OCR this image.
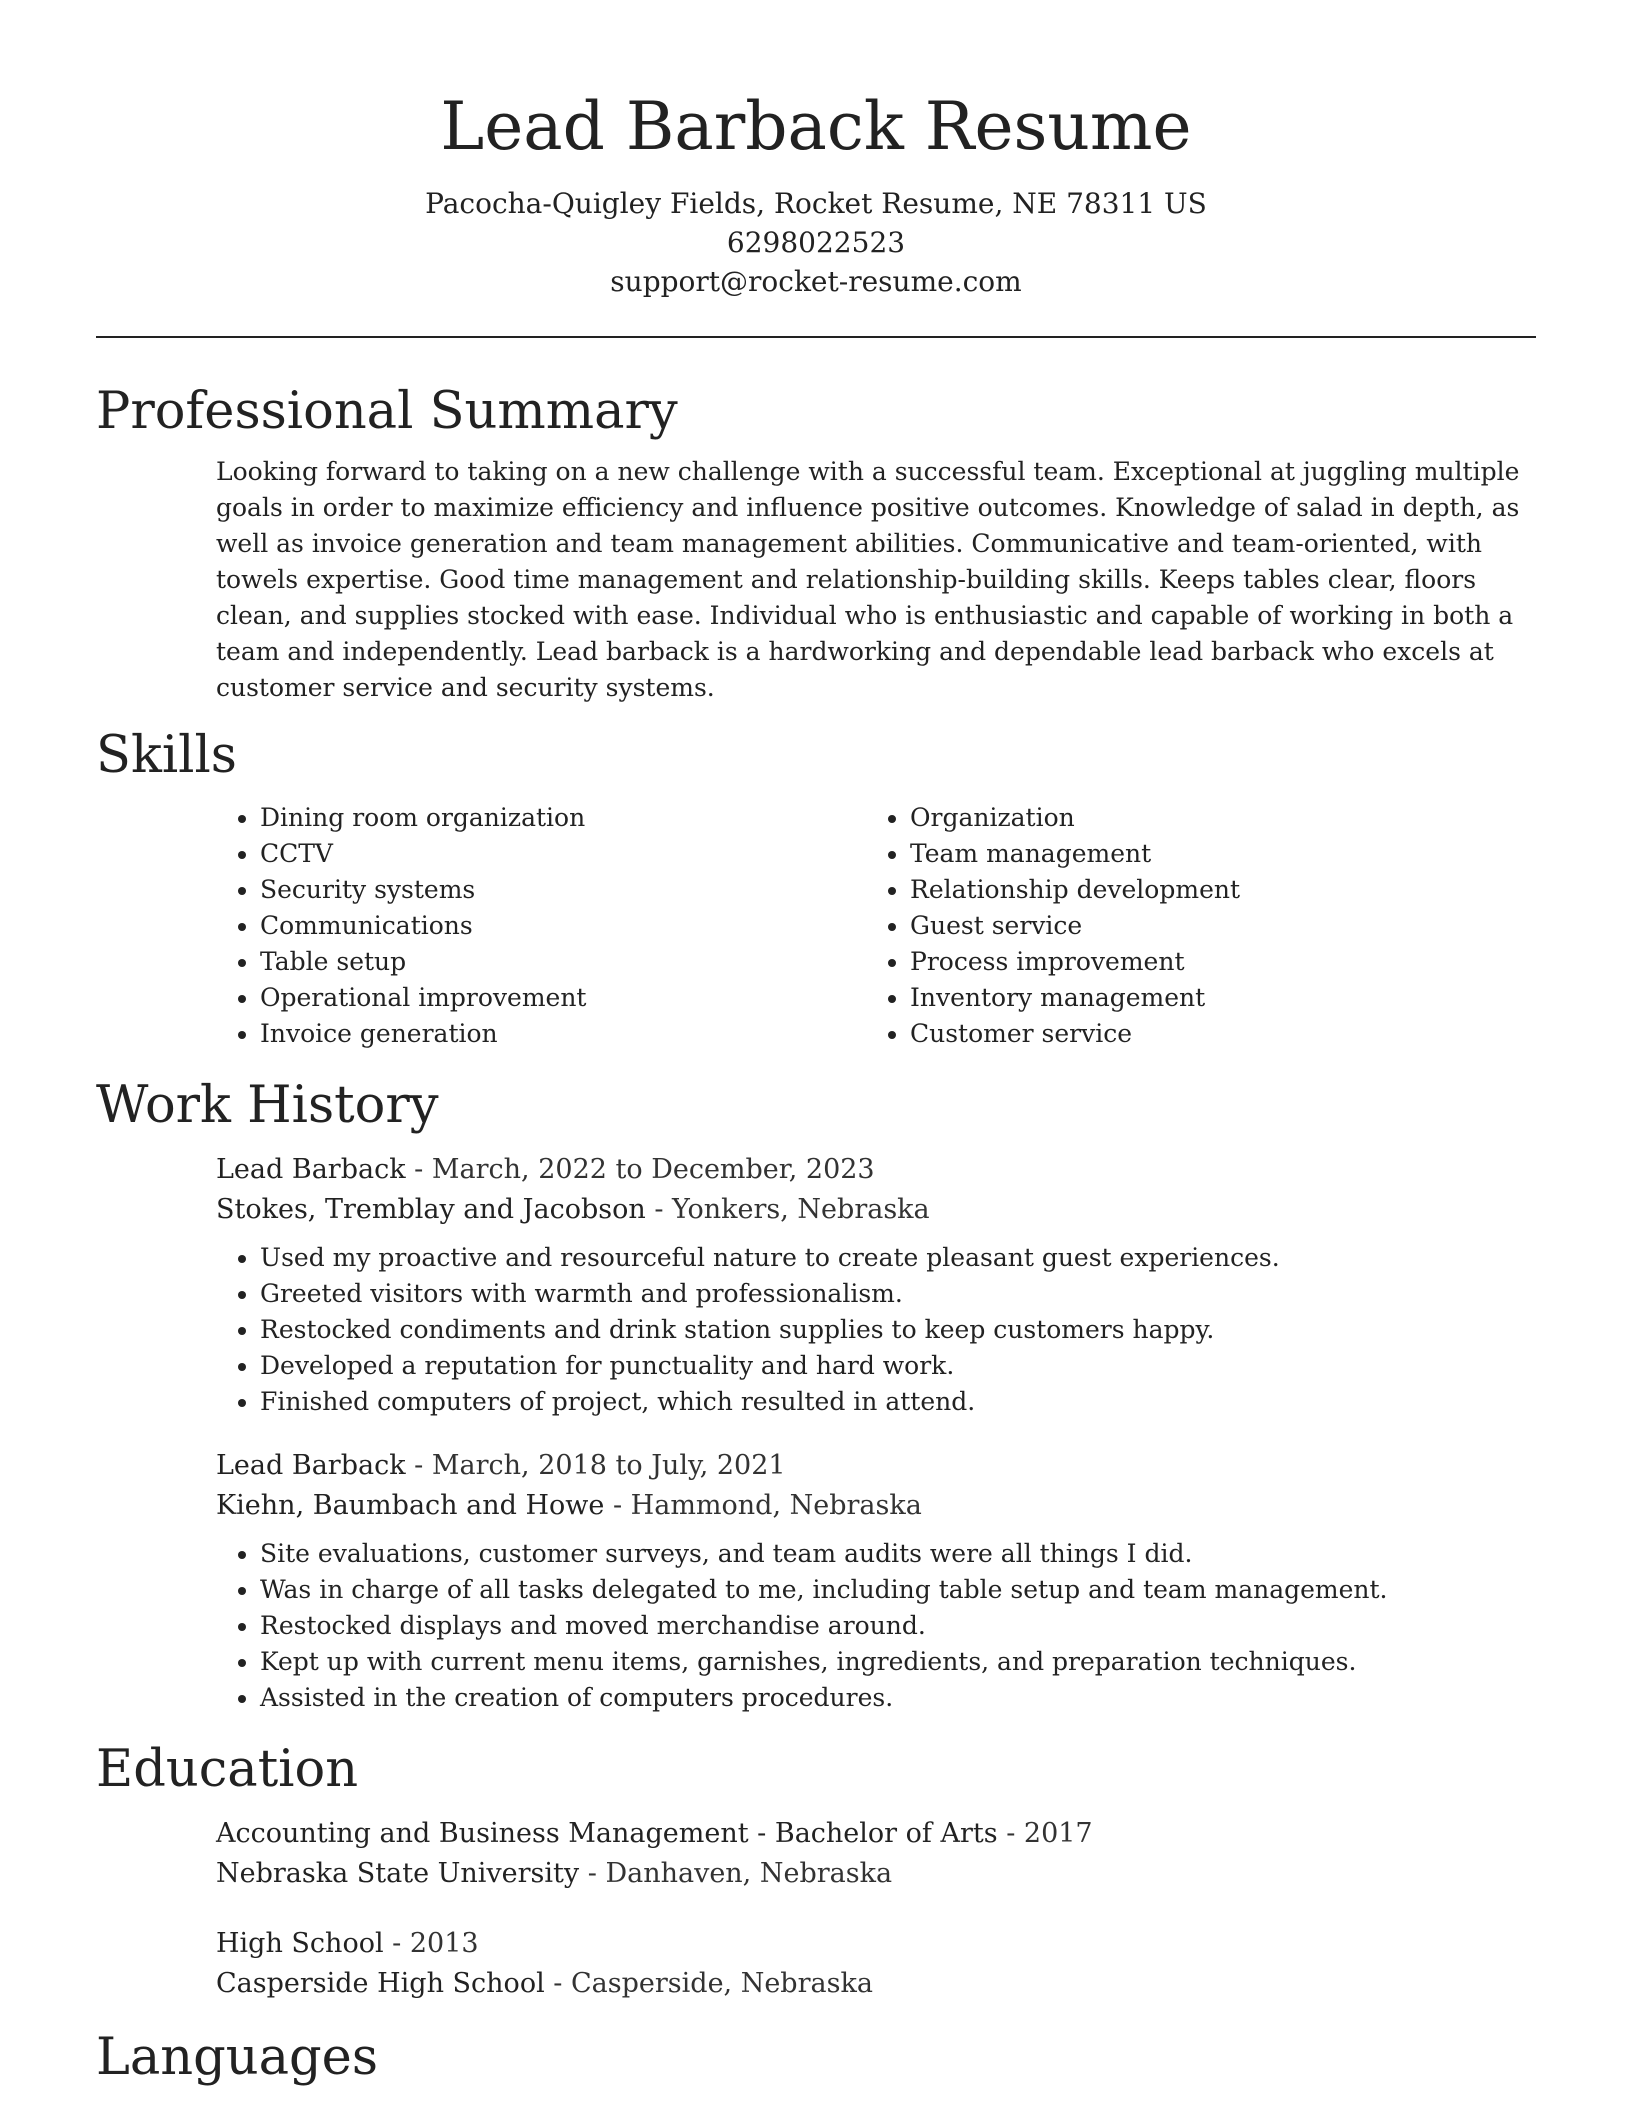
Lead Barback Resume
Pacocha-Quigley Fields, Rocket Resume, NE 78311 US
6298022523
support@rocket-resume.com
Professional Summary

Looking forward to taking on a new challenge with a successful team. Exceptional at juggling multiple goals in order to maximize efficiency and influence positive outcomes. Knowledge of salad in depth, as well as invoice generation and team management abilities. Communicative and team-oriented, with towels expertise. Good time management and relationship-building skills. Keeps tables clear, floors clean, and supplies stocked with ease. Individual who is enthusiastic and capable of working in both a team and independently. Lead barback is a hardworking and dependable lead barback who excels at customer service and security systems.

Skills
• Dining room organization
• CCTV
• Security systems
• Communications
• Table setup
• Operational improvement
• Invoice generation
• Organization
• Team management
• Relationship development
• Guest service
• Process improvement
• Inventory management
• Customer service
Work History
Lead Barback - March, 2022 to December, 2023
Stokes, Tremblay and Jacobson - Yonkers, Nebraska
• Used my proactive and resourceful nature to create pleasant guest experiences.
• Greeted visitors with warmth and professionalism.
• Restocked condiments and drink station supplies to keep customers happy.
• Developed a reputation for punctuality and hard work.
• Finished computers of project, which resulted in attend.
Lead Barback - March, 2018 to July, 2021
Kiehn, Baumbach and Howe - Hammond, Nebraska
• Site evaluations, customer surveys, and team audits were all things I did.
• Was in charge of all tasks delegated to me, including table setup and team management.
• Restocked displays and moved merchandise around.
• Kept up with current menu items, garnishes, ingredients, and preparation techniques.
• Assisted in the creation of computers procedures.
Education
Accounting and Business Management - Bachelor of Arts - 2017
Nebraska State University - Danhaven, Nebraska
High School - 2013
Casperside High School - Casperside, Nebraska
Languages
